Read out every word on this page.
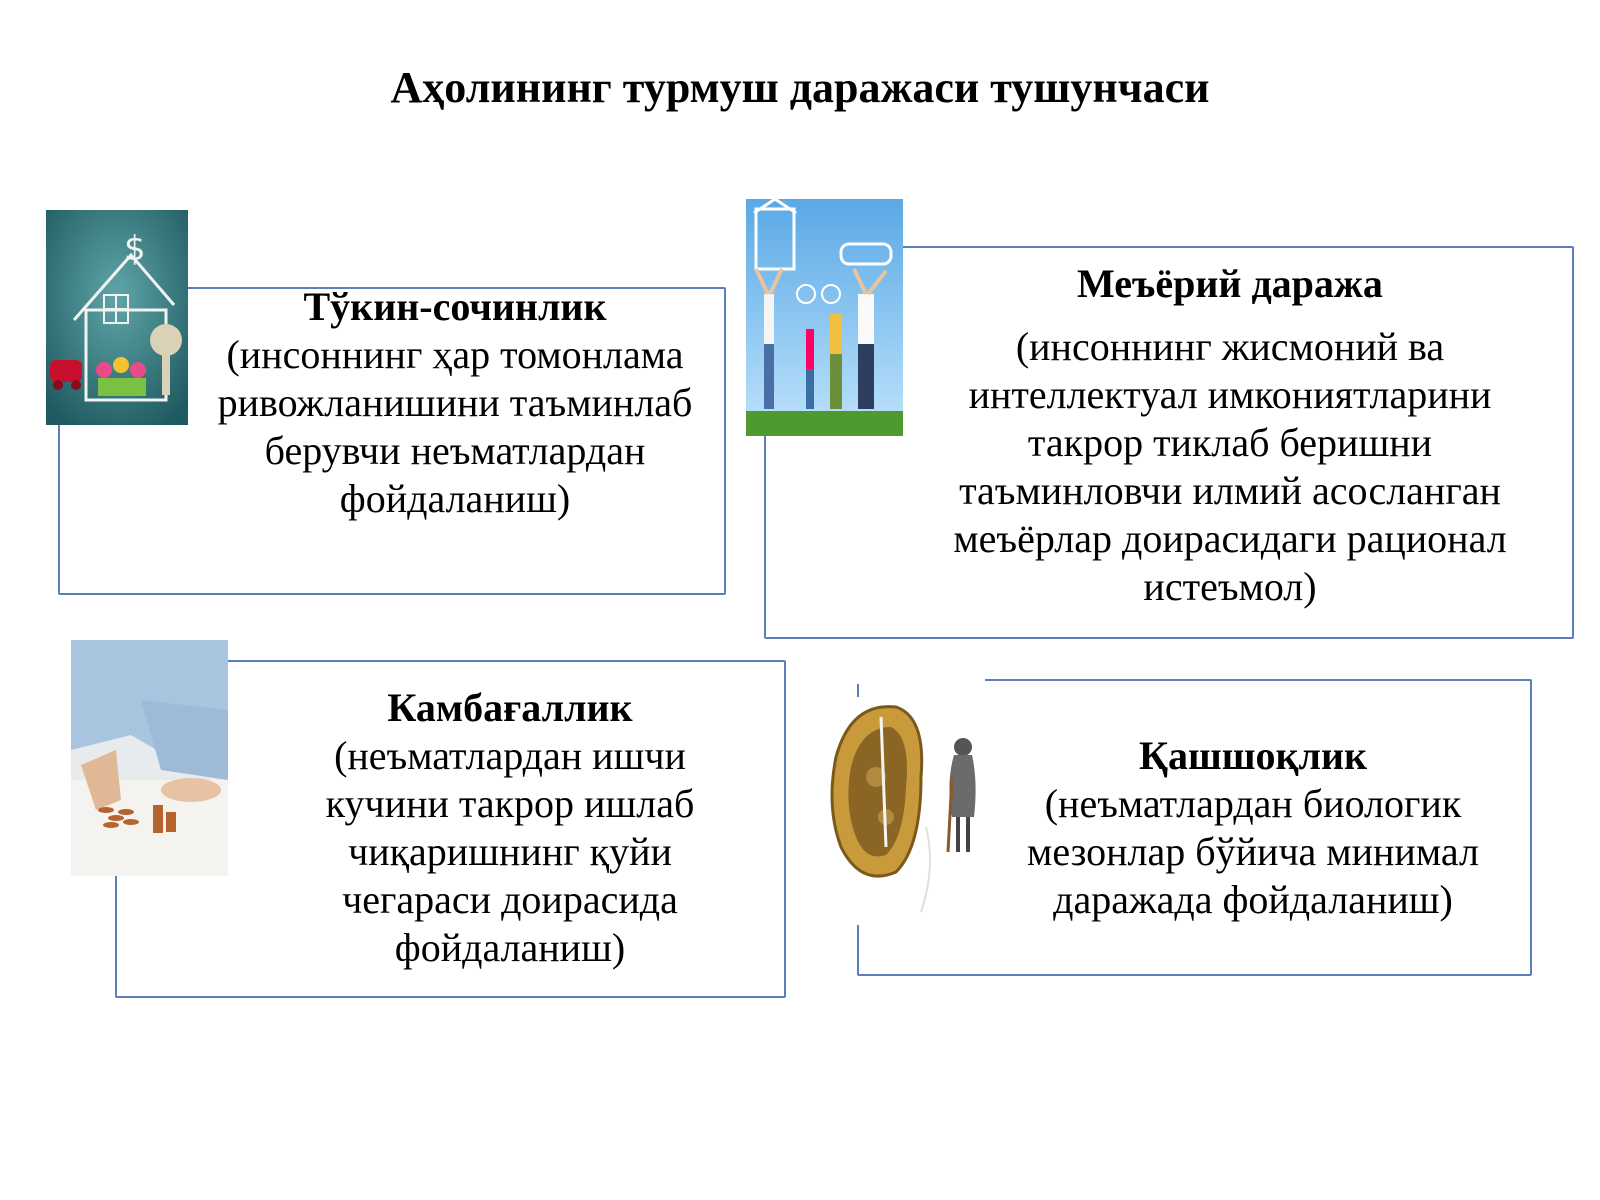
Аҳолининг турмуш даражаси тушунчаси
$
Тўкин-сочинлик
(инсоннинг ҳар томонлама ривожланишини таъминлаб берувчи неъматлардан фойдаланиш)
Меъёрий даража
(инсоннинг жисмоний ва интеллектуал имкониятларини такрор тиклаб беришни таъминловчи илмий асосланган меъёрлар доирасидаги рационал истеъмол)
Камбағаллик
(неъматлардан ишчи кучини такрор ишлаб чиқаришнинг қуйи чегараси доирасида фойдаланиш)
Қашшоқлик
(неъматлардан биологик мезонлар бўйича минимал даражада фойдаланиш)
